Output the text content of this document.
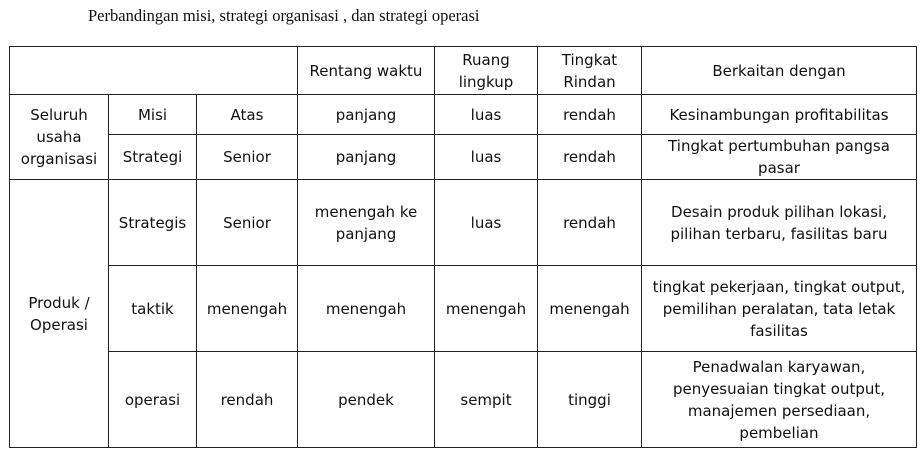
Perbandingan misi, strategi organisasi , dan strategi operasi
			Rentang waktu	Ruang lingkup	Tingkat Rindan	Berkaitan dengan
Seluruh usaha organisasi	Misi	Atas	panjang	luas	rendah	Kesinambungan profitabilitas
	Strategi	Senior	panjang	luas	rendah	Tingkat pertumbuhan pangsa pasar
Produk / Operasi	Strategis	Senior	menengah ke panjang	luas	rendah	Desain produk pilihan lokasi, pilihan terbaru, fasilitas baru
	taktik	menengah	menengah	menengah	menengah	tingkat pekerjaan, tingkat output, pemilihan peralatan, tata letak fasilitas
	operasi	rendah	pendek	sempit	tinggi	Penadwalan karyawan, penyesuaian tingkat output, manajemen persediaan, pembelian
